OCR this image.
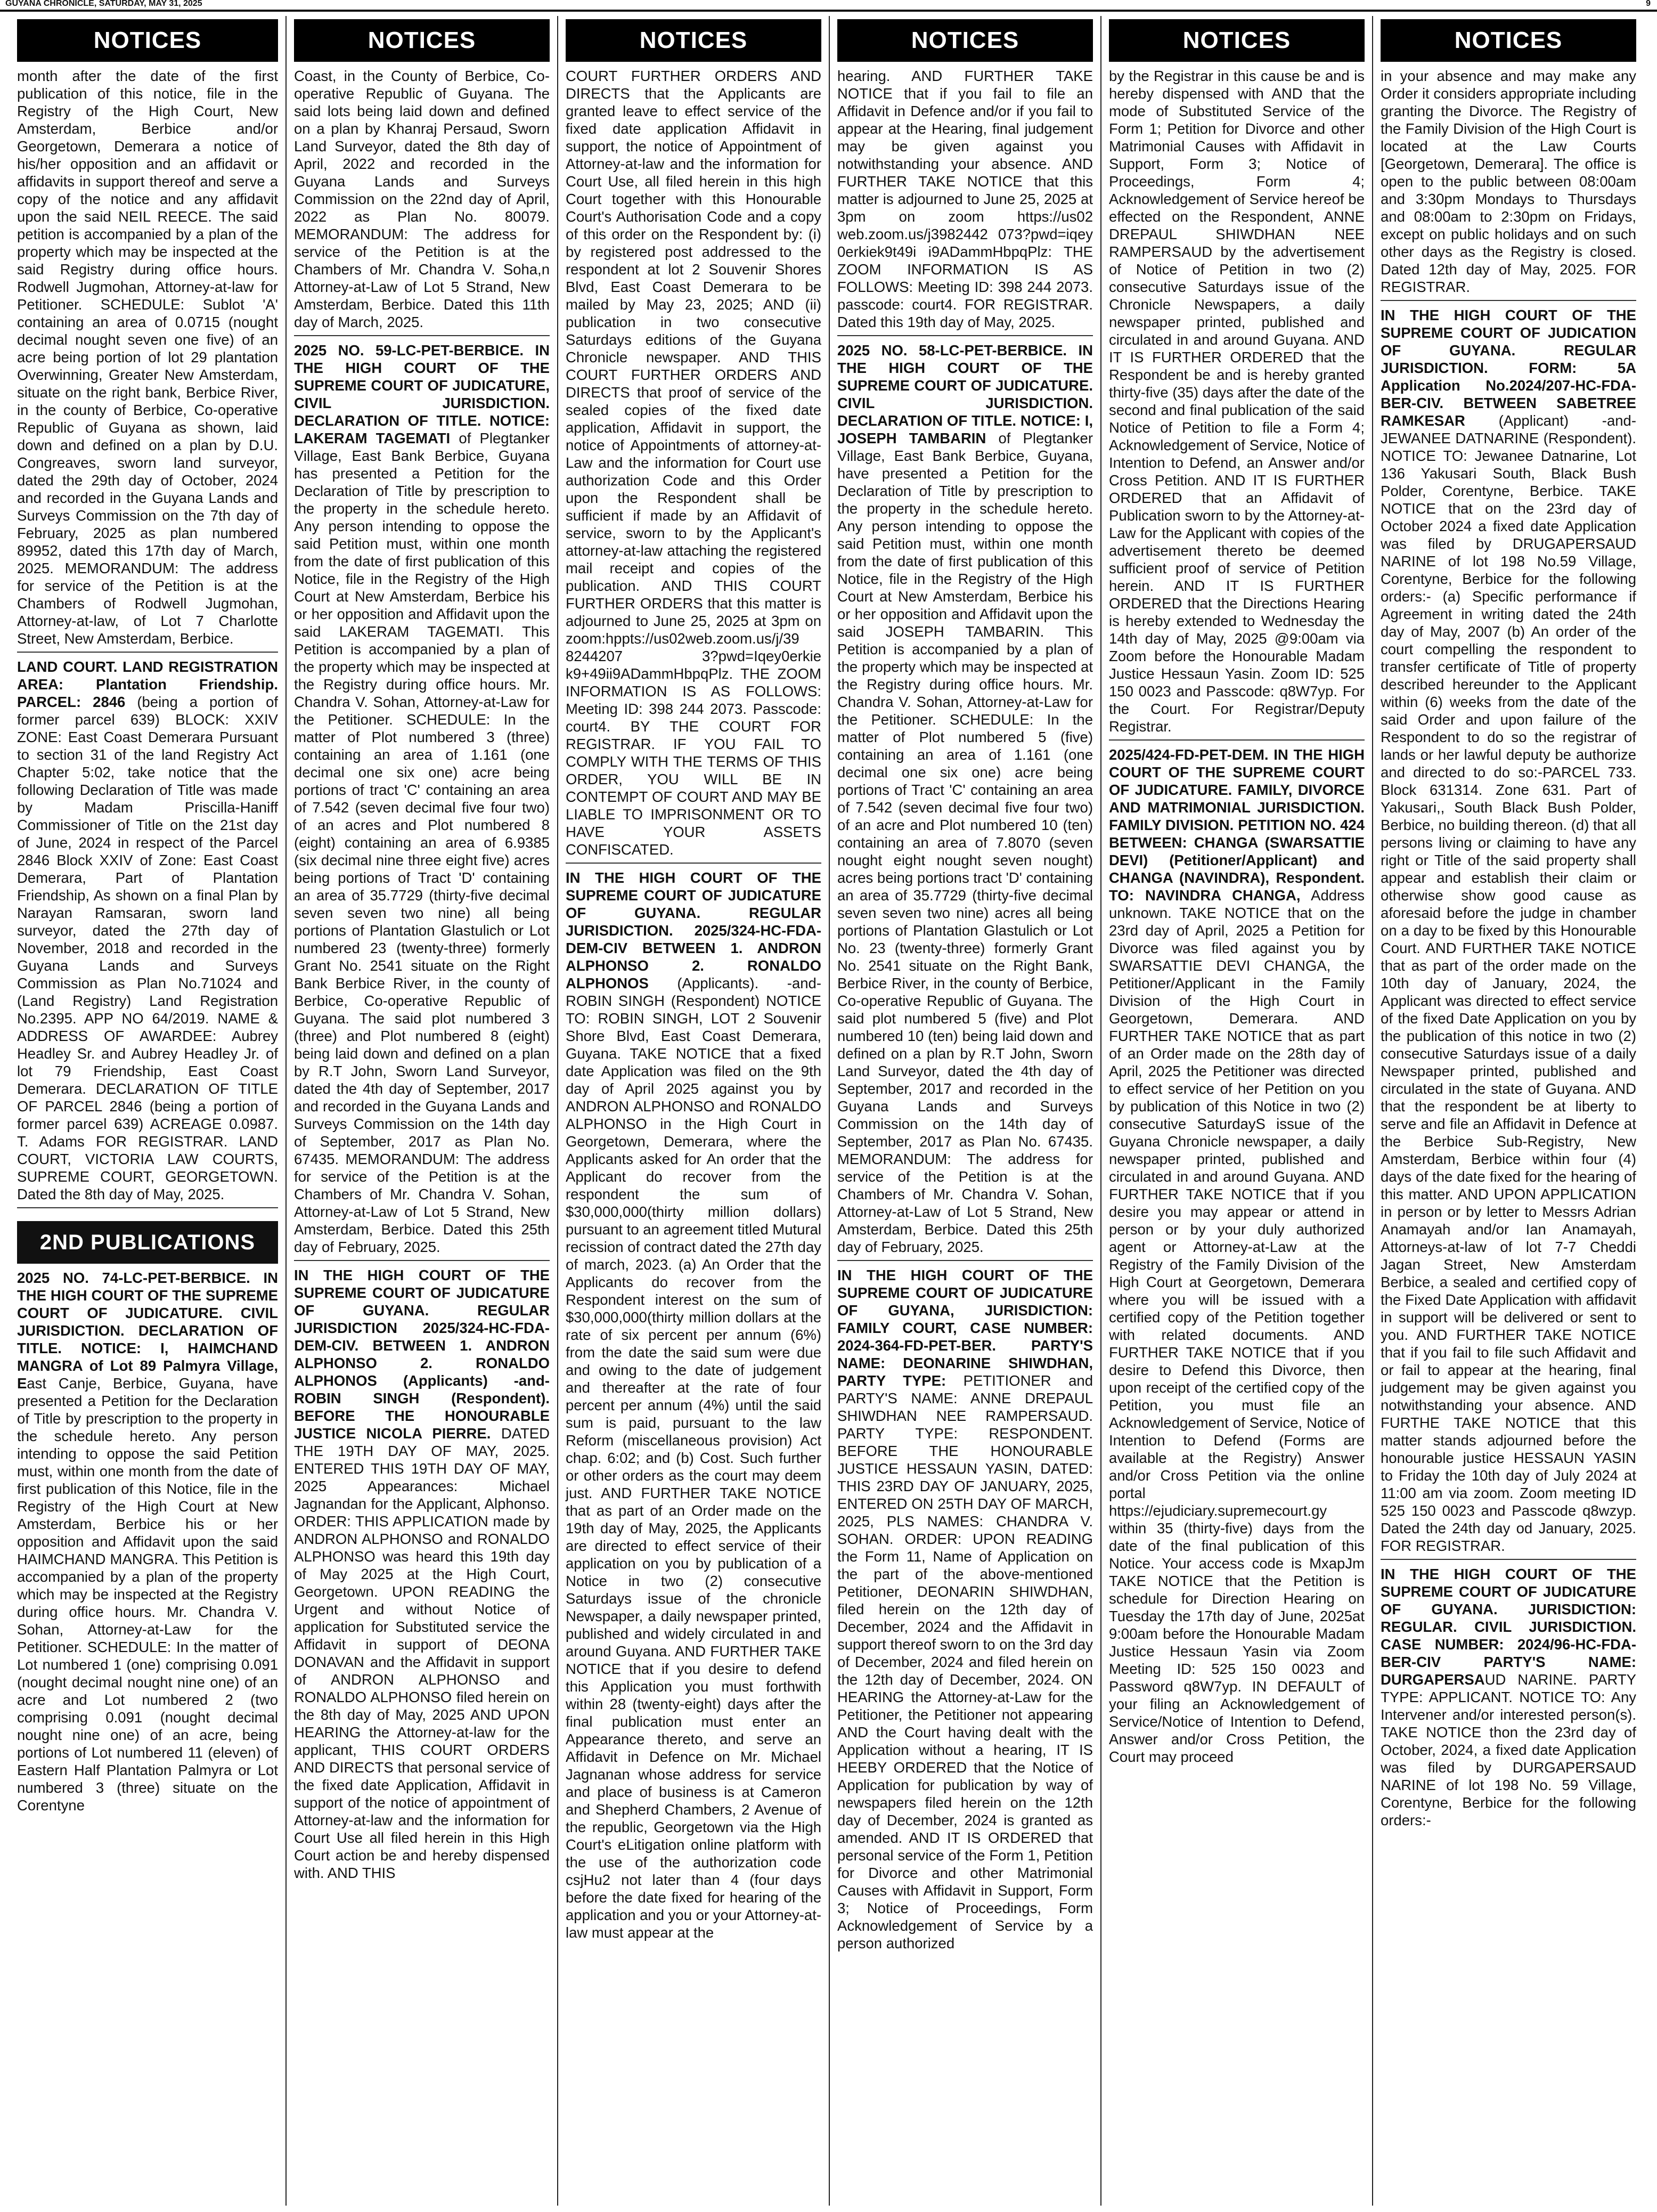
GUYANA CHRONICLE, SATURDAY, MAY 31, 2025	9
NOTICES
month after the date of the first publication of this notice, file in the Registry of the High Court, New Amsterdam, Berbice and/or Georgetown, Demerara a notice of his/her opposition and an affidavit or affidavits in support thereof and serve a copy of the notice and any affidavit upon the said NEIL REECE. The said petition is accompanied by a plan of the property which may be inspected at the said Registry during office hours. Rodwell Jugmohan, Attorney-at-law for Petitioner. SCHEDULE: Sublot 'A' containing an area of 0.0715 (nought decimal nought seven one five) of an acre being portion of lot 29 plantation Overwinning, Greater New Amsterdam, situate on the right bank, Berbice River, in the county of Berbice, Co-operative Republic of Guyana as shown, laid down and defined on a plan by D.U. Congreaves, sworn land surveyor, dated the 29th day of October, 2024 and recorded in the Guyana Lands and Surveys Commission on the 7th day of February, 2025 as plan numbered 89952, dated this 17th day of March, 2025. MEMORANDUM: The address for service of the Petition is at the Chambers of Rodwell Jugmohan, Attorney-at-law, of Lot 7 Charlotte Street, New Amsterdam, Berbice.
LAND COURT. LAND REGISTRATION AREA: Plantation Friendship. PARCEL: 2846 (being a portion of former parcel 639) BLOCK: XXIV ZONE: East Coast Demerara Pursuant to section 31 of the land Registry Act Chapter 5:02, take notice that the following Declaration of Title was made by Madam Priscilla-Haniff Commissioner of Title on the 21st day of June, 2024 in respect of the Parcel 2846 Block XXIV of Zone: East Coast Demerara, Part of Plantation Friendship, As shown on a final Plan by Narayan Ramsaran, sworn land surveyor, dated the 27th day of November, 2018 and recorded in the Guyana Lands and Surveys Commission as Plan No.71024 and (Land Registry) Land Registration No.2395. APP NO 64/2019. NAME & ADDRESS OF AWARDEE: Aubrey Headley Sr. and Aubrey Headley Jr. of lot 79 Friendship, East Coast Demerara. DECLARATION OF TITLE OF PARCEL 2846 (being a portion of former parcel 639) ACREAGE 0.0987. T. Adams FOR REGISTRAR. LAND COURT, VICTORIA LAW COURTS, SUPREME COURT, GEORGETOWN. Dated the 8th day of May, 2025.
2ND PUBLICATIONS
2025 NO. 74-LC-PET-BERBICE. IN THE HIGH COURT OF THE SUPREME COURT OF JUDICATURE. CIVIL JURISDICTION. DECLARATION OF TITLE. NOTICE: I, HAIMCHAND MANGRA of Lot 89 Palmyra Village, East Canje, Berbice, Guyana, have presented a Petition for the Declaration of Title by prescription to the property in the schedule hereto. Any person intending to oppose the said Petition must, within one month from the date of first publication of this Notice, file in the Registry of the High Court at New Amsterdam, Berbice his or her opposition and Affidavit upon the said HAIMCHAND MANGRA. This Petition is accompanied by a plan of the property which may be inspected at the Registry during office hours. Mr. Chandra V. Sohan, Attorney-at-Law for the Petitioner. SCHEDULE: In the matter of Lot numbered 1 (one) comprising 0.091 (nought decimal nought nine one) of an acre and Lot numbered 2 (two comprising 0.091 (nought decimal nought nine one) of an acre, being portions of Lot numbered 11 (eleven) of Eastern Half Plantation Palmyra or Lot numbered 3 (three) situate on the Corentyne
NOTICES
Coast, in the County of Berbice, Co-operative Republic of Guyana. The said lots being laid down and defined on a plan by Khanraj Persaud, Sworn Land Surveyor, dated the 8th day of April, 2022 and recorded in the Guyana Lands and Surveys Commission on the 22nd day of April, 2022 as Plan No. 80079. MEMORANDUM: The address for service of the Petition is at the Chambers of Mr. Chandra V. Soha,n Attorney-at-Law of Lot 5 Strand, New Amsterdam, Berbice. Dated this 11th day of March, 2025.
2025 NO. 59-LC-PET-BERBICE. IN THE HIGH COURT OF THE SUPREME COURT OF JUDICATURE, CIVIL JURISDICTION. DECLARATION OF TITLE. NOTICE: LAKERAM TAGEMATI of Plegtanker Village, East Bank Berbice, Guyana has presented a Petition for the Declaration of Title by prescription to the property in the schedule hereto. Any person intending to oppose the said Petition must, within one month from the date of first publication of this Notice, file in the Registry of the High Court at New Amsterdam, Berbice his or her opposition and Affidavit upon the said LAKERAM TAGEMATI. This Petition is accompanied by a plan of the property which may be inspected at the Registry during office hours. Mr. Chandra V. Sohan, Attorney-at-Law for the Petitioner. SCHEDULE: In the matter of Plot numbered 3 (three) containing an area of 1.161 (one decimal one six one) acre being portions of tract 'C' containing an area of 7.542 (seven decimal five four two) of an acres and Plot numbered 8 (eight) containing an area of 6.9385 (six decimal nine three eight five) acres being portions of Tract 'D' containing an area of 35.7729 (thirty-five decimal seven seven two nine) all being portions of Plantation Glastulich or Lot numbered 23 (twenty-three) formerly Grant No. 2541 situate on the Right Bank Berbice River, in the county of Berbice, Co-operative Republic of Guyana. The said plot numbered 3 (three) and Plot numbered 8 (eight) being laid down and defined on a plan by R.T John, Sworn Land Surveyor, dated the 4th day of September, 2017 and recorded in the Guyana Lands and Surveys Commission on the 14th day of September, 2017 as Plan No. 67435. MEMORANDUM: The address for service of the Petition is at the Chambers of Mr. Chandra V. Sohan, Attorney-at-Law of Lot 5 Strand, New Amsterdam, Berbice. Dated this 25th day of February, 2025.
IN THE HIGH COURT OF THE SUPREME COURT OF JUDICATURE OF GUYANA. REGULAR JURISDICTION 2025/324-HC-FDA-DEM-CIV. BETWEEN 1. ANDRON ALPHONSO 2. RONALDO ALPHONOS (Applicants) -and- ROBIN SINGH (Respondent). BEFORE THE HONOURABLE JUSTICE NICOLA PIERRE. DATED THE 19TH DAY OF MAY, 2025. ENTERED THIS 19TH DAY OF MAY, 2025 Appearances: Michael Jagnandan for the Applicant, Alphonso. ORDER: THIS APPLICATION made by ANDRON ALPHONSO and RONALDO ALPHONSO was heard this 19th day of May 2025 at the High Court, Georgetown. UPON READING the Urgent and without Notice of application for Substituted service the Affidavit in support of DEONA DONAVAN and the Affidavit in support of ANDRON ALPHONSO and RONALDO ALPHONSO filed herein on the 8th day of May, 2025 AND UPON HEARING the Attorney-at-law for the applicant, THIS COURT ORDERS AND DIRECTS that personal service of the fixed date Application, Affidavit in support of the notice of appointment of Attorney-at-law and the information for Court Use all filed herein in this High Court action be and hereby dispensed with. AND THIS
NOTICES
COURT FURTHER ORDERS AND DIRECTS that the Applicants are granted leave to effect service of the fixed date application Affidavit in support, the notice of Appointment of Attorney-at-law and the information for Court Use, all filed herein in this high Court together with this Honourable Court's Authorisation Code and a copy of this order on the Respondent by: (i) by registered post addressed to the respondent at lot 2 Souvenir Shores Blvd, East Coast Demerara to be mailed by May 23, 2025; AND (ii) publication in two consecutive Saturdays editions of the Guyana Chronicle newspaper. AND THIS COURT FURTHER ORDERS AND DIRECTS that proof of service of the sealed copies of the fixed date application, Affidavit in support, the notice of Appointments of attorney-at-Law and the information for Court use authorization Code and this Order upon the Respondent shall be sufficient if made by an Affidavit of service, sworn to by the Applicant's attorney-at-law attaching the registered mail receipt and copies of the publication. AND THIS COURT FURTHER ORDERS that this matter is adjourned to June 25, 2025 at 3pm on zoom:hppts://us02web.zoom.us/j/39 8244207 3?pwd=Iqey0erkie k9+49ii9ADammHbpqPlz. THE ZOOM INFORMATION IS AS FOLLOWS: Meeting ID: 398 244 2073. Passcode: court4. BY THE COURT FOR REGISTRAR. IF YOU FAIL TO COMPLY WITH THE TERMS OF THIS ORDER, YOU WILL BE IN CONTEMPT OF COURT AND MAY BE LIABLE TO IMPRISONMENT OR TO HAVE YOUR ASSETS CONFISCATED.
IN THE HIGH COURT OF THE SUPREME COURT OF JUDICATURE OF GUYANA. REGULAR JURISDICTION. 2025/324-HC-FDA-DEM-CIV BETWEEN 1. ANDRON ALPHONSO 2. RONALDO ALPHONOS (Applicants). -and- ROBIN SINGH (Respondent) NOTICE TO: ROBIN SINGH, LOT 2 Souvenir Shore Blvd, East Coast Demerara, Guyana. TAKE NOTICE that a fixed date Application was filed on the 9th day of April 2025 against you by ANDRON ALPHONSO and RONALDO ALPHONSO in the High Court in Georgetown, Demerara, where the Applicants asked for An order that the Applicant do recover from the respondent the sum of $30,000,000(thirty million dollars) pursuant to an agreement titled Mutural recission of contract dated the 27th day of march, 2023. (a) An Order that the Applicants do recover from the Respondent interest on the sum of $30,000,000(thirty million dollars at the rate of six percent per annum (6%) from the date the said sum were due and owing to the date of judgement and thereafter at the rate of four percent per annum (4%) until the said sum is paid, pursuant to the law Reform (miscellaneous provision) Act chap. 6:02; and (b) Cost. Such further or other orders as the court may deem just. AND FURTHER TAKE NOTICE that as part of an Order made on the 19th day of May, 2025, the Applicants are directed to effect service of their application on you by publication of a Notice in two (2) consecutive Saturdays issue of the chronicle Newspaper, a daily newspaper printed, published and widely circulated in and around Guyana. AND FURTHER TAKE NOTICE that if you desire to defend this Application you must forthwith within 28 (twenty-eight) days after the final publication must enter an Appearance thereto, and serve an Affidavit in Defence on Mr. Michael Jagnanan whose address for service and place of business is at Cameron and Shepherd Chambers, 2 Avenue of the republic, Georgetown via the High Court's eLitigation online platform with the use of the authorization code csjHu2 not later than 4 (four days before the date fixed for hearing of the application and you or your Attorney-at-law must appear at the
NOTICES
hearing. AND FURTHER TAKE NOTICE that if you fail to file an Affidavit in Defence and/or if you fail to appear at the Hearing, final judgement may be given against you notwithstanding your absence. AND FURTHER TAKE NOTICE that this matter is adjourned to June 25, 2025 at 3pm on zoom https://us02 web.zoom.us/j3982442 073?pwd=iqey 0erkiek9t49i i9ADammHbpqPlz: THE ZOOM INFORMATION IS AS FOLLOWS: Meeting ID: 398 244 2073. passcode: court4. FOR REGISTRAR. Dated this 19th day of May, 2025.
2025 NO. 58-LC-PET-BERBICE. IN THE HIGH COURT OF THE SUPREME COURT OF JUDICATURE. CIVIL JURISDICTION. DECLARATION OF TITLE. NOTICE: I, JOSEPH TAMBARIN of Plegtanker Village, East Bank Berbice, Guyana, have presented a Petition for the Declaration of Title by prescription to the property in the schedule hereto. Any person intending to oppose the said Petition must, within one month from the date of first publication of this Notice, file in the Registry of the High Court at New Amsterdam, Berbice his or her opposition and Affidavit upon the said JOSEPH TAMBARIN. This Petition is accompanied by a plan of the property which may be inspected at the Registry during office hours. Mr. Chandra V. Sohan, Attorney-at-Law for the Petitioner. SCHEDULE: In the matter of Plot numbered 5 (five) containing an area of 1.161 (one decimal one six one) acre being portions of Tract 'C' containing an area of 7.542 (seven decimal five four two) of an acre and Plot numbered 10 (ten) containing an area of 7.8070 (seven nought eight nought seven nought) acres being portions tract 'D' containing an area of 35.7729 (thirty-five decimal seven seven two nine) acres all being portions of Plantation Glastulich or Lot No. 23 (twenty-three) formerly Grant No. 2541 situate on the Right Bank, Berbice River, in the county of Berbice, Co-operative Republic of Guyana. The said plot numbered 5 (five) and Plot numbered 10 (ten) being laid down and defined on a plan by R.T John, Sworn Land Surveyor, dated the 4th day of September, 2017 and recorded in the Guyana Lands and Surveys Commission on the 14th day of September, 2017 as Plan No. 67435. MEMORANDUM: The address for service of the Petition is at the Chambers of Mr. Chandra V. Sohan, Attorney-at-Law of Lot 5 Strand, New Amsterdam, Berbice. Dated this 25th day of February, 2025.
IN THE HIGH COURT OF THE SUPREME COURT OF JUDICATURE OF GUYANA, JURISDICTION: FAMILY COURT, CASE NUMBER: 2024-364-FD-PET-BER. PARTY'S NAME: DEONARINE SHIWDHAN, PARTY TYPE: PETITIONER and PARTY'S NAME: ANNE DREPAUL SHIWDHAN NEE RAMPERSAUD. PARTY TYPE: RESPONDENT. BEFORE THE HONOURABLE JUSTICE HESSAUN YASIN, DATED: THIS 23RD DAY OF JANUARY, 2025, ENTERED ON 25TH DAY OF MARCH, 2025, PLS NAMES: CHANDRA V. SOHAN. ORDER: UPON READING the Form 11, Name of Application on the part of the above-mentioned Petitioner, DEONARIN SHIWDHAN, filed herein on the 12th day of December, 2024 and the Affidavit in support thereof sworn to on the 3rd day of December, 2024 and filed herein on the 12th day of December, 2024. ON HEARING the Attorney-at-Law for the Petitioner, the Petitioner not appearing AND the Court having dealt with the Application without a hearing, IT IS HEEBY ORDERED that the Notice of Application for publication by way of newspapers filed herein on the 12th day of December, 2024 is granted as amended. AND IT IS ORDERED that personal service of the Form 1, Petition for Divorce and other Matrimonial Causes with Affidavit in Support, Form 3; Notice of Proceedings, Form Acknowledgement of Service by a person authorized
NOTICES
by the Registrar in this cause be and is hereby dispensed with AND that the mode of Substituted Service of the Form 1; Petition for Divorce and other Matrimonial Causes with Affidavit in Support, Form 3; Notice of Proceedings, Form 4; Acknowledgement of Service hereof be effected on the Respondent, ANNE DREPAUL SHIWDHAN NEE RAMPERSAUD by the advertisement of Notice of Petition in two (2) consecutive Saturdays issue of the Chronicle Newspapers, a daily newspaper printed, published and circulated in and around Guyana. AND IT IS FURTHER ORDERED that the Respondent be and is hereby granted thirty-five (35) days after the date of the second and final publication of the said Notice of Petition to file a Form 4; Acknowledgement of Service, Notice of Intention to Defend, an Answer and/or Cross Petition. AND IT IS FURTHER ORDERED that an Affidavit of Publication sworn to by the Attorney-at-Law for the Applicant with copies of the advertisement thereto be deemed sufficient proof of service of Petition herein. AND IT IS FURTHER ORDERED that the Directions Hearing is hereby extended to Wednesday the 14th day of May, 2025 @9:00am via Zoom before the Honourable Madam Justice Hessaun Yasin. Zoom ID: 525 150 0023 and Passcode: q8W7yp. For the Court. For Registrar/Deputy Registrar.
2025/424-FD-PET-DEM. IN THE HIGH COURT OF THE SUPREME COURT OF JUDICATURE. FAMILY, DIVORCE AND MATRIMONIAL JURISDICTION. FAMILY DIVISION. PETITION NO. 424 BETWEEN: CHANGA (SWARSATTIE DEVI) (Petitioner/Applicant) and CHANGA (NAVINDRA), Respondent. TO: NAVINDRA CHANGA, Address unknown. TAKE NOTICE that on the 23rd day of April, 2025 a Petition for Divorce was filed against you by SWARSATTIE DEVI CHANGA, the Petitioner/Applicant in the Family Division of the High Court in Georgetown, Demerara. AND FURTHER TAKE NOTICE that as part of an Order made on the 28th day of April, 2025 the Petitioner was directed to effect service of her Petition on you by publication of this Notice in two (2) consecutive SaturdayS issue of the Guyana Chronicle newspaper, a daily newspaper printed, published and circulated in and around Guyana. AND FURTHER TAKE NOTICE that if you desire you may appear or attend in person or by your duly authorized agent or Attorney-at-Law at the Registry of the Family Division of the High Court at Georgetown, Demerara where you will be issued with a certified copy of the Petition together with related documents. AND FURTHER TAKE NOTICE that if you desire to Defend this Divorce, then upon receipt of the certified copy of the Petition, you must file an Acknowledgement of Service, Notice of Intention to Defend (Forms are available at the Registry) Answer and/or Cross Petition via the online portal https://ejudiciary.supremecourt.gy within 35 (thirty-five) days from the date of the final publication of this Notice. Your access code is MxapJm TAKE NOTICE that the Petition is schedule for Direction Hearing on Tuesday the 17th day of June, 2025at 9:00am before the Honourable Madam Justice Hessaun Yasin via Zoom Meeting ID: 525 150 0023 and Password q8W7yp. IN DEFAULT of your filing an Acknowledgement of Service/Notice of Intention to Defend, Answer and/or Cross Petition, the Court may proceed
NOTICES
in your absence and may make any Order it considers appropriate including granting the Divorce. The Registry of the Family Division of the High Court is located at the Law Courts [Georgetown, Demerara]. The office is open to the public between 08:00am and 3:30pm Mondays to Thursdays and 08:00am to 2:30pm on Fridays, except on public holidays and on such other days as the Registry is closed. Dated 12th day of May, 2025. FOR REGISTRAR.
IN THE HIGH COURT OF THE SUPREME COURT OF JUDICATION OF GUYANA. REGULAR JURISDICTION. FORM: 5A Application No.2024/207-HC-FDA-BER-CIV. BETWEEN SABETREE RAMKESAR (Applicant) -and- JEWANEE DATNARINE (Respondent). NOTICE TO: Jewanee Datnarine, Lot 136 Yakusari South, Black Bush Polder, Corentyne, Berbice. TAKE NOTICE that on the 23rd day of October 2024 a fixed date Application was filed by DRUGAPERSAUD NARINE of lot 198 No.59 Village, Corentyne, Berbice for the following orders:- (a) Specific performance if Agreement in writing dated the 24th day of May, 2007 (b) An order of the court compelling the respondent to transfer certificate of Title of property described hereunder to the Applicant within (6) weeks from the date of the said Order and upon failure of the Respondent to do so the registrar of lands or her lawful deputy be authorize and directed to do so:-PARCEL 733. Block 631314. Zone 631. Part of Yakusari,, South Black Bush Polder, Berbice, no building thereon. (d) that all persons living or claiming to have any right or Title of the said property shall appear and establish their claim or otherwise show good cause as aforesaid before the judge in chamber on a day to be fixed by this Honourable Court. AND FURTHER TAKE NOTICE that as part of the order made on the 10th day of January, 2024, the Applicant was directed to effect service of the fixed Date Application on you by the publication of this notice in two (2) consecutive Saturdays issue of a daily Newspaper printed, published and circulated in the state of Guyana. AND that the respondent be at liberty to serve and file an Affidavit in Defence at the Berbice Sub-Registry, New Amsterdam, Berbice within four (4) days of the date fixed for the hearing of this matter. AND UPON APPLICATION in person or by letter to Messrs Adrian Anamayah and/or Ian Anamayah, Attorneys-at-law of lot 7-7 Cheddi Jagan Street, New Amsterdam Berbice, a sealed and certified copy of the Fixed Date Application with affidavit in support will be delivered or sent to you. AND FURTHER TAKE NOTICE that if you fail to file such Affidavit and or fail to appear at the hearing, final judgement may be given against you notwithstanding your absence. AND FURTHE TAKE NOTICE that this matter stands adjourned before the honourable justice HESSAUN YASIN to Friday the 10th day of July 2024 at 11:00 am via zoom. Zoom meeting ID 525 150 0023 and Passcode q8wzyp. Dated the 24th day od January, 2025. FOR REGISTRAR.
IN THE HIGH COURT OF THE SUPREME COURT OF JUDICATURE OF GUYANA. JURISDICTION: REGULAR. CIVIL JURISDICTION. CASE NUMBER: 2024/96-HC-FDA-BER-CIV PARTY'S NAME: DURGAPERSAUD NARINE. PARTY TYPE: APPLICANT. NOTICE TO: Any Intervener and/or interested person(s). TAKE NOTICE thon the 23rd day of October, 2024, a fixed date Application was filed by DURGAPERSAUD NARINE of lot 198 No. 59 Village, Corentyne, Berbice for the following orders:-
